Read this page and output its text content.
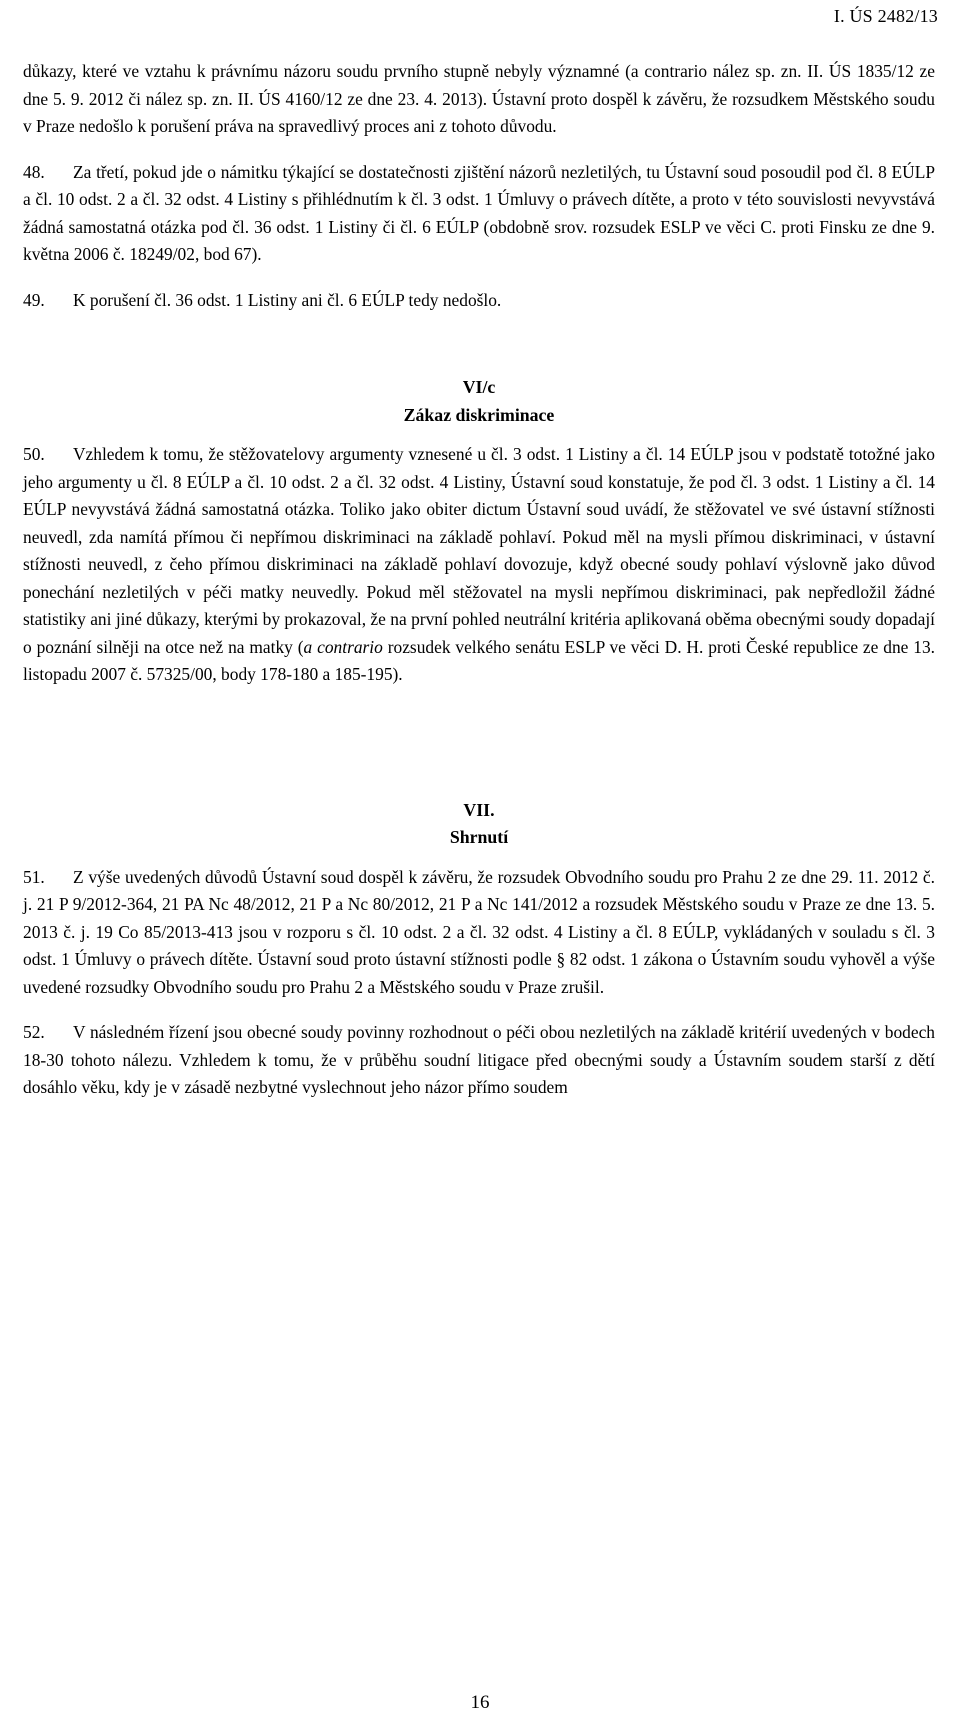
I. ÚS 2482/13

důkazy, které ve vztahu k právnímu názoru soudu prvního stupně nebyly významné (a contrario nález sp. zn. II. ÚS 1835/12 ze dne 5. 9. 2012 či nález sp. zn. II. ÚS 4160/12 ze dne 23. 4. 2013). Ústavní proto dospěl k závěru, že rozsudkem Městského soudu v Praze nedošlo k porušení práva na spravedlivý proces ani z tohoto důvodu.

48. Za třetí, pokud jde o námitku týkající se dostatečnosti zjištění názorů nezletilých, tu Ústavní soud posoudil pod čl. 8 EÚLP a čl. 10 odst. 2 a čl. 32 odst. 4 Listiny s přihlédnutím k čl. 3 odst. 1 Úmluvy o právech dítěte, a proto v této souvislosti nevyvstává žádná samostatná otázka pod čl. 36 odst. 1 Listiny či čl. 6 EÚLP (obdobně srov. rozsudek ESLP ve věci C. proti Finsku ze dne 9. května 2006 č. 18249/02, bod 67).

49. K porušení čl. 36 odst. 1 Listiny ani čl. 6 EÚLP tedy nedošlo.

VI/c
Zákaz diskriminace

50. Vzhledem k tomu, že stěžovatelovy argumenty vznesené u čl. 3 odst. 1 Listiny a čl. 14 EÚLP jsou v podstatě totožné jako jeho argumenty u čl. 8 EÚLP a čl. 10 odst. 2 a čl. 32 odst. 4 Listiny, Ústavní soud konstatuje, že pod čl. 3 odst. 1 Listiny a čl. 14 EÚLP nevyvstává žádná samostatná otázka. Toliko jako obiter dictum Ústavní soud uvádí, že stěžovatel ve své ústavní stížnosti neuvedl, zda namítá přímou či nepřímou diskriminaci na základě pohlaví. Pokud měl na mysli přímou diskriminaci, v ústavní stížnosti neuvedl, z čeho přímou diskriminaci na základě pohlaví dovozuje, když obecné soudy pohlaví výslovně jako důvod ponechání nezletilých v péči matky neuvedly. Pokud měl stěžovatel na mysli nepřímou diskriminaci, pak nepředložil žádné statistiky ani jiné důkazy, kterými by prokazoval, že na první pohled neutrální kritéria aplikovaná oběma obecnými soudy dopadají o poznání silněji na otce než na matky (a contrario rozsudek velkého senátu ESLP ve věci D. H. proti České republice ze dne 13. listopadu 2007 č. 57325/00, body 178-180 a 185-195).

VII.
Shrnutí

51. Z výše uvedených důvodů Ústavní soud dospěl k závěru, že rozsudek Obvodního soudu pro Prahu 2 ze dne 29. 11. 2012 č. j. 21 P 9/2012-364, 21 PA Nc 48/2012, 21 P a Nc 80/2012, 21 P a Nc 141/2012 a rozsudek Městského soudu v Praze ze dne 13. 5. 2013 č. j. 19 Co 85/2013-413 jsou v rozporu s čl. 10 odst. 2 a čl. 32 odst. 4 Listiny a čl. 8 EÚLP, vykládaných v souladu s čl. 3 odst. 1 Úmluvy o právech dítěte. Ústavní soud proto ústavní stížnosti podle § 82 odst. 1 zákona o Ústavním soudu vyhověl a výše uvedené rozsudky Obvodního soudu pro Prahu 2 a Městského soudu v Praze zrušil.

52. V následném řízení jsou obecné soudy povinny rozhodnout o péči obou nezletilých na základě kritérií uvedených v bodech 18-30 tohoto nálezu. Vzhledem k tomu, že v průběhu soudní litigace před obecnými soudy a Ústavním soudem starší z dětí dosáhlo věku, kdy je v zásadě nezbytné vyslechnout jeho názor přímo soudem

16
